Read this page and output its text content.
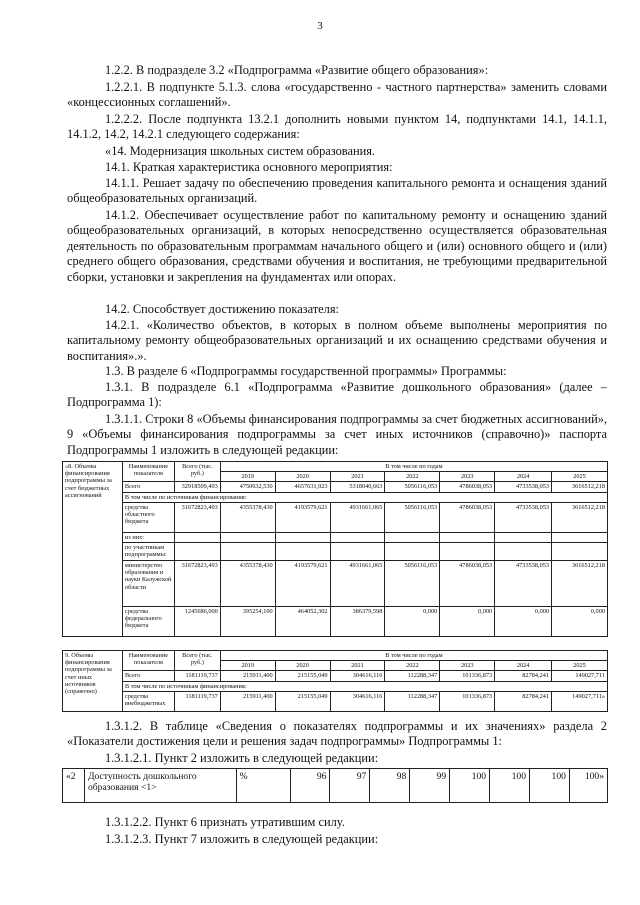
3

1.2.2. В подразделе 3.2 «Подпрограмма «Развитие общего образования»:

1.2.2.1. В подпункте 5.1.3. слова «государственно - частного партнерства» заменить словами «концессионных соглашений».

1.2.2.2. После подпункта 13.2.1 дополнить новыми пунктом 14, подпунктами 14.1, 14.1.1, 14.1.2, 14.2, 14.2.1 следующего содержания:

«14. Модернизация школьных систем образования.

14.1. Краткая характеристика основного мероприятия:

14.1.1. Решает задачу по обеспечению проведения капитального ремонта и оснащения зданий общеобразовательных организаций.

14.1.2. Обеспечивает осуществление работ по капитальному ремонту и оснащению зданий общеобразовательных организаций, в которых непосредственно осуществляется образовательная деятельность по образовательным программам начального общего и (или) основного общего и (или) среднего общего образования, средствами обучения и воспитания, не требующими предварительной сборки, установки и закрепления на фундаментах или опорах.

14.2. Способствует достижению показателя:

14.2.1. «Количество объектов, в которых в полном объеме выполнены мероприятия по капитальному ремонту общеобразовательных организаций и их оснащению средствами обучения и воспитания».».

1.3. В разделе 6 «Подпрограммы государственной программы» Программы:

1.3.1. В подразделе 6.1 «Подпрограмма «Развитие дошкольного образования» (далее – Подпрограмма 1):

1.3.1.1. Строки 8 «Объемы финансирования подпрограммы за счет бюджетных ассигнований», 9 «Объемы финансирования подпрограммы за счет иных источников (справочно)» паспорта Подпрограммы 1 изложить в следующей редакции:

«8. Объемы финансирования подпрограммы за счет бюджетных ассигнований	Наименование показателя	Всего (тыс. руб.)	В том числе по годам						
			2019	2020	2021	2022	2023	2024	2025
	Всего	32918509,493	4750632,530	4657631,923	5318040,663	5056116,053	4786038,053	4733538,053	3616512,218
	В том числе по источникам финансирования:								
	средства областного бюджета	31672823,493	4355378,430	4193579,621	4931661,065	5056116,053	4786038,053	4733538,053	3616512,218
	из них:								
	по участникам подпрограммы:								
	министерство образования и науки Калужской области	31672823,493	4355378,430	4193579,621	4931661,065	5056116,053	4786038,053	4733538,053	3616512,218
	средства федерального бюджета	1245686,000	395254,100	464052,302	386379,598	0,000	0,000	0,000	0,000
9. Объемы финансирования подпрограммы за счет иных источников (справочно)	Наименование показателя	Всего (тыс. руб.)	В том числе по годам						
			2019	2020	2021	2022	2023	2024	2025
	Всего	1181119,737	215911,400	215155,049	304616,116	112288,347	101336,873	82784,241	149027,711
	В том числе по источникам финансирования:								
	средства внебюджетных	1181119,737	215911,400	215155,049	304616,116	112288,347	101336,873	82784,241	149027,711»

1.3.1.2. В таблице «Сведения о показателях подпрограммы и их значениях» раздела 2 «Показатели достижения цели и решения задач подпрограммы» Подпрограммы 1:

1.3.1.2.1. Пункт 2 изложить в следующей редакции:

«2	Доступность дошкольного образования <1>	%	96	97	98	99	100	100	100	100»

1.3.1.2.2. Пункт 6 признать утратившим силу.

1.3.1.2.3. Пункт 7 изложить в следующей редакции:
